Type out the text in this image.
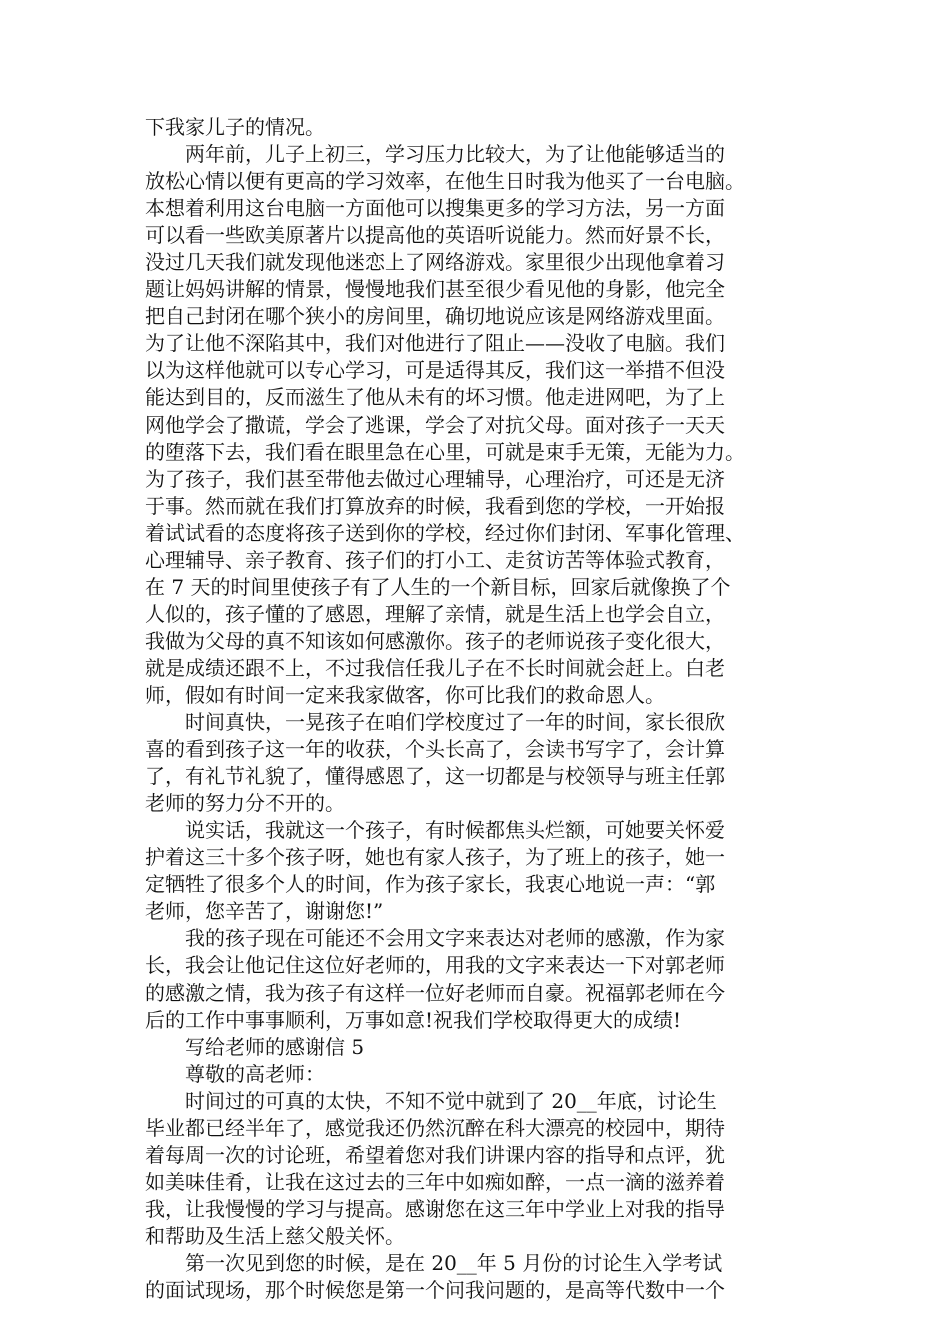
下我家儿子的情况。
　　两年前，儿子上初三，学习压力比较大，为了让他能够适当的
放松心情以便有更高的学习效率，在他生日时我为他买了一台电脑。
本想着利用这台电脑一方面他可以搜集更多的学习方法，另一方面
可以看一些欧美原著片以提高他的英语听说能力。然而好景不长，
没过几天我们就发现他迷恋上了网络游戏。家里很少出现他拿着习
题让妈妈讲解的情景，慢慢地我们甚至很少看见他的身影，他完全
把自己封闭在哪个狭小的房间里，确切地说应该是网络游戏里面。
为了让他不深陷其中，我们对他进行了阻止——没收了电脑。我们
以为这样他就可以专心学习，可是适得其反，我们这一举措不但没
能达到目的，反而滋生了他从未有的坏习惯。他走进网吧，为了上
网他学会了撒谎，学会了逃课，学会了对抗父母。面对孩子一天天
的堕落下去，我们看在眼里急在心里，可就是束手无策，无能为力。
为了孩子，我们甚至带他去做过心理辅导，心理治疗，可还是无济
于事。然而就在我们打算放弃的时候，我看到您的学校，一开始报
着试试看的态度将孩子送到你的学校，经过你们封闭、军事化管理、
心理辅导、亲子教育、孩子们的打小工、走贫访苦等体验式教育，
在 7 天的时间里使孩子有了人生的一个新目标，回家后就像换了个
人似的，孩子懂的了感恩，理解了亲情，就是生活上也学会自立，
我做为父母的真不知该如何感激你。孩子的老师说孩子变化很大，
就是成绩还跟不上，不过我信任我儿子在不长时间就会赶上。白老
师，假如有时间一定来我家做客，你可比我们的救命恩人。
　　时间真快，一晃孩子在咱们学校度过了一年的时间，家长很欣
喜的看到孩子这一年的收获，个头长高了，会读书写字了，会计算
了，有礼节礼貌了，懂得感恩了，这一切都是与校领导与班主任郭
老师的努力分不开的。
　　说实话，我就这一个孩子，有时候都焦头烂额，可她要关怀爱
护着这三十多个孩子呀，她也有家人孩子，为了班上的孩子，她一
定牺牲了很多个人的时间，作为孩子家长，我衷心地说一声：“郭
老师，您辛苦了，谢谢您!”
　　我的孩子现在可能还不会用文字来表达对老师的感激，作为家
长，我会让他记住这位好老师的，用我的文字来表达一下对郭老师
的感激之情，我为孩子有这样一位好老师而自豪。祝福郭老师在今
后的工作中事事顺利，万事如意!祝我们学校取得更大的成绩!
　　写给老师的感谢信 5
　　尊敬的高老师：
　　时间过的可真的太快，不知不觉中就到了 20__年底，讨论生
毕业都已经半年了，感觉我还仍然沉醉在科大漂亮的校园中，期待
着每周一次的讨论班，希望着您对我们讲课内容的指导和点评，犹
如美味佳肴，让我在这过去的三年中如痴如醉，一点一滴的滋养着
我，让我慢慢的学习与提高。感谢您在这三年中学业上对我的指导
和帮助及生活上慈父般关怀。
　　第一次见到您的时候，是在 20__年 5 月份的讨论生入学考试
的面试现场，那个时候您是第一个问我问题的，是高等代数中一个
